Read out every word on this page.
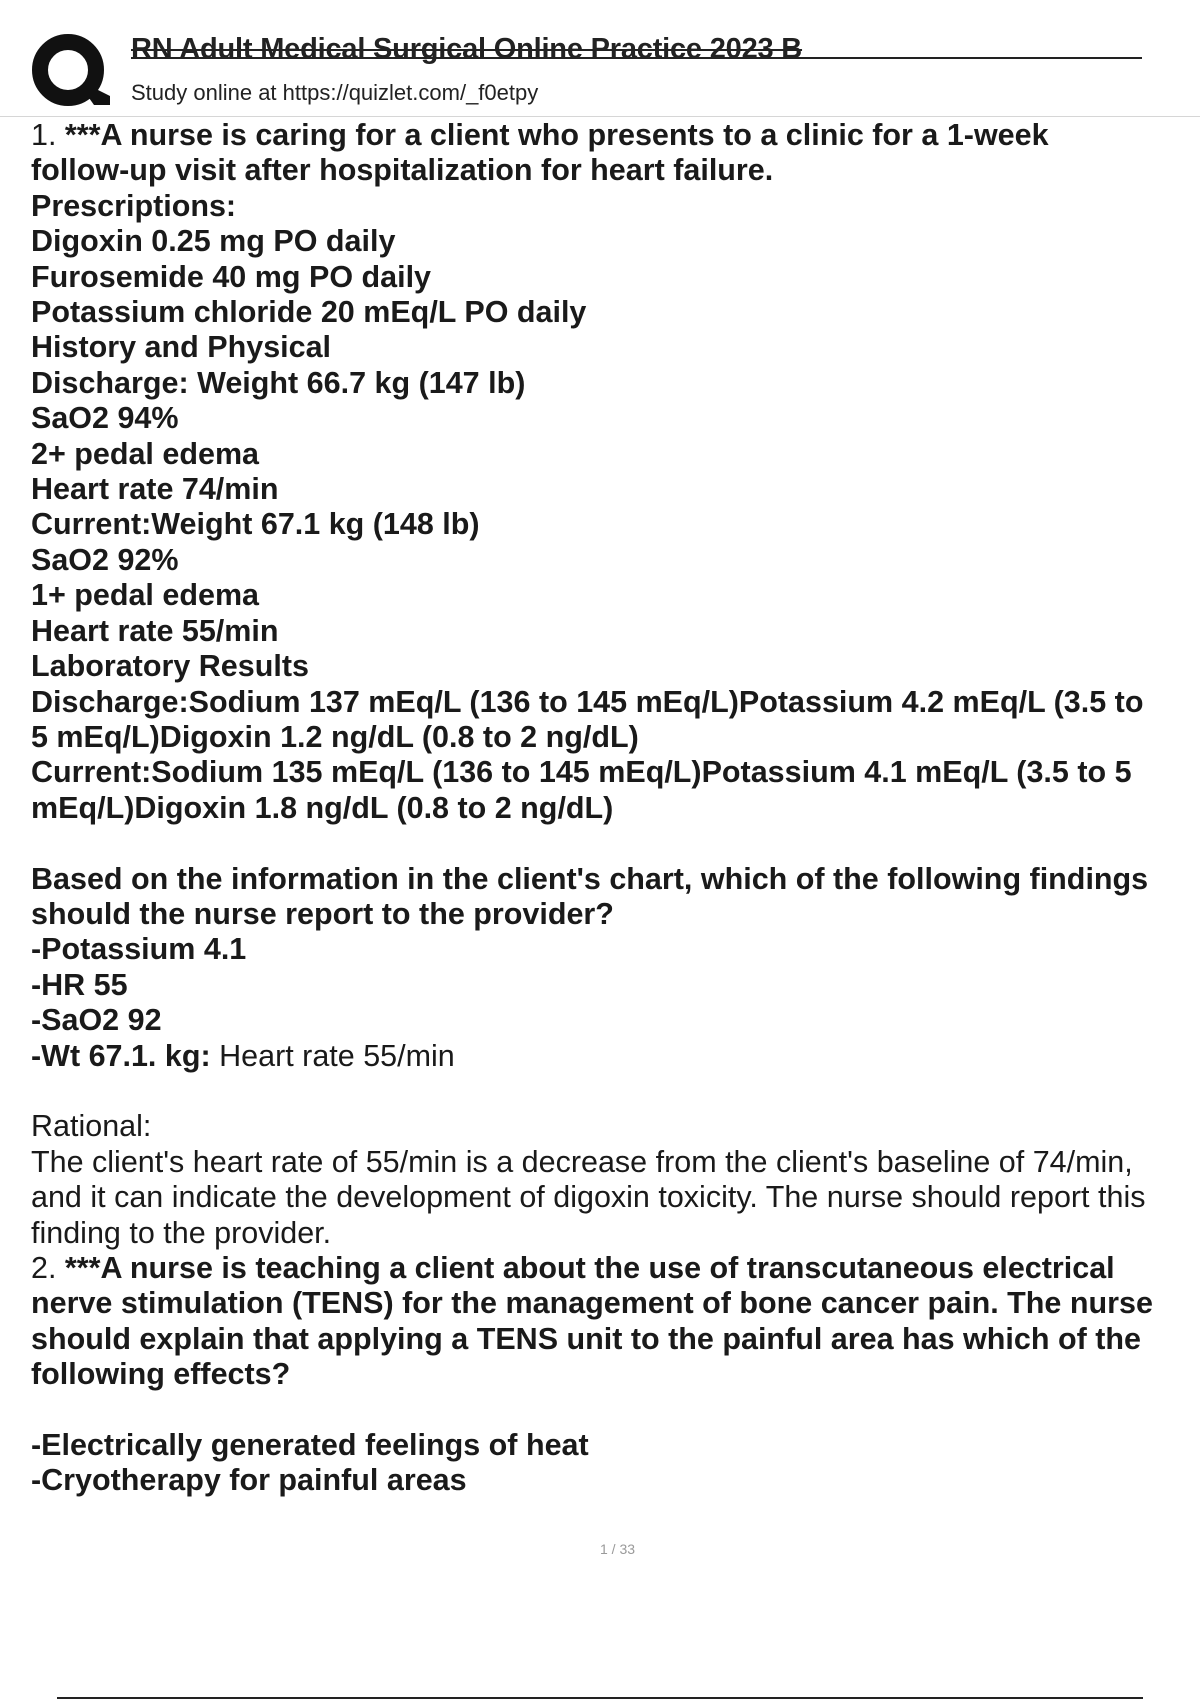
RN Adult Medical Surgical Online Practice 2023 B
Study online at https://quizlet.com/_f0etpy
1. ***A nurse is caring for a client who presents to a clinic for a 1-week
follow-up visit after hospitalization for heart failure.
Prescriptions:
Digoxin 0.25 mg PO daily
Furosemide 40 mg PO daily
Potassium chloride 20 mEq/L PO daily
History and Physical
Discharge: Weight 66.7 kg (147 lb)
SaO2 94%
2+ pedal edema
Heart rate 74/min
Current:Weight 67.1 kg (148 lb)
SaO2 92%
1+ pedal edema
Heart rate 55/min
Laboratory Results
Discharge:Sodium 137 mEq/L (136 to 145 mEq/L)Potassium 4.2 mEq/L (3.5 to
5 mEq/L)Digoxin 1.2 ng/dL (0.8 to 2 ng/dL)
Current:Sodium 135 mEq/L (136 to 145 mEq/L)Potassium 4.1 mEq/L (3.5 to 5
mEq/L)Digoxin 1.8 ng/dL (0.8 to 2 ng/dL)
Based on the information in the client's chart, which of the following findings
should the nurse report to the provider?
-Potassium 4.1
-HR 55
-SaO2 92
-Wt 67.1. kg: Heart rate 55/min
Rational:
The client's heart rate of 55/min is a decrease from the client's baseline of 74/min,
and it can indicate the development of digoxin toxicity. The nurse should report this
finding to the provider.
2. ***A nurse is teaching a client about the use of transcutaneous electrical
nerve stimulation (TENS) for the management of bone cancer pain. The nurse
should explain that applying a TENS unit to the painful area has which of the
following effects?
-Electrically generated feelings of heat
-Cryotherapy for painful areas
1 / 33
